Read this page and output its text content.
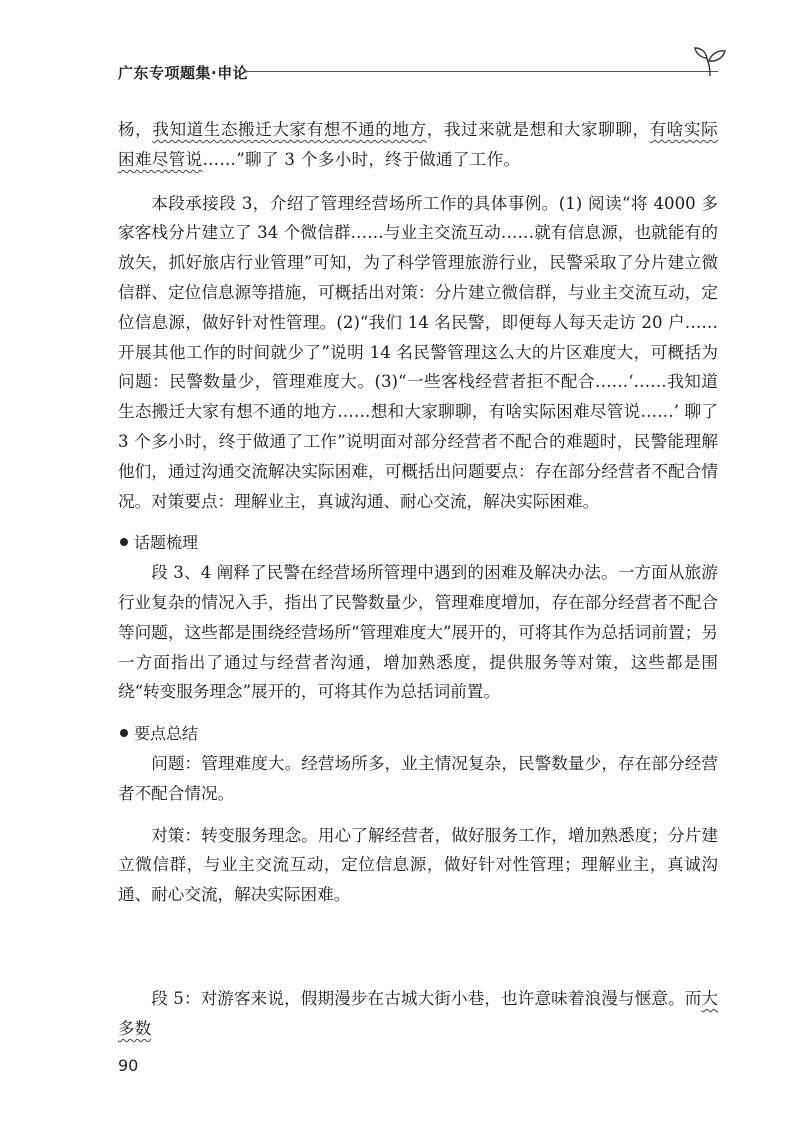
广东专项题集·申论

杨，我知道生态搬迁大家有想不通的地方，我过来就是想和大家聊聊，有啥实际困难尽管说……”聊了 3 个多小时，终于做通了工作。

本段承接段 3，介绍了管理经营场所工作的具体事例。(1) 阅读“将 4000 多家客栈分片建立了 34 个微信群……与业主交流互动……就有信息源，也就能有的放矢，抓好旅店行业管理”可知，为了科学管理旅游行业，民警采取了分片建立微信群、定位信息源等措施，可概括出对策：分片建立微信群，与业主交流互动，定位信息源，做好针对性管理。(2)“我们 14 名民警，即便每人每天走访 20 户……开展其他工作的时间就少了”说明 14 名民警管理这么大的片区难度大，可概括为问题：民警数量少，管理难度大。(3)“一些客栈经营者拒不配合……‘……我知道生态搬迁大家有想不通的地方……想和大家聊聊，有啥实际困难尽管说……’ 聊了 3 个多小时，终于做通了工作”说明面对部分经营者不配合的难题时，民警能理解他们，通过沟通交流解决实际困难，可概括出问题要点：存在部分经营者不配合情况。对策要点：理解业主，真诚沟通、耐心交流，解决实际困难。

话题梳理

段 3、4 阐释了民警在经营场所管理中遇到的困难及解决办法。一方面从旅游行业复杂的情况入手，指出了民警数量少，管理难度增加，存在部分经营者不配合等问题，这些都是围绕经营场所“管理难度大”展开的，可将其作为总括词前置；另一方面指出了通过与经营者沟通，增加熟悉度，提供服务等对策，这些都是围绕“转变服务理念”展开的，可将其作为总括词前置。

要点总结

问题：管理难度大。经营场所多，业主情况复杂，民警数量少，存在部分经营者不配合情况。

对策：转变服务理念。用心了解经营者，做好服务工作，增加熟悉度；分片建立微信群，与业主交流互动，定位信息源，做好针对性管理；理解业主，真诚沟通、耐心交流，解决实际困难。

段 5：对游客来说，假期漫步在古城大街小巷，也许意味着浪漫与惬意。而大多数

90
